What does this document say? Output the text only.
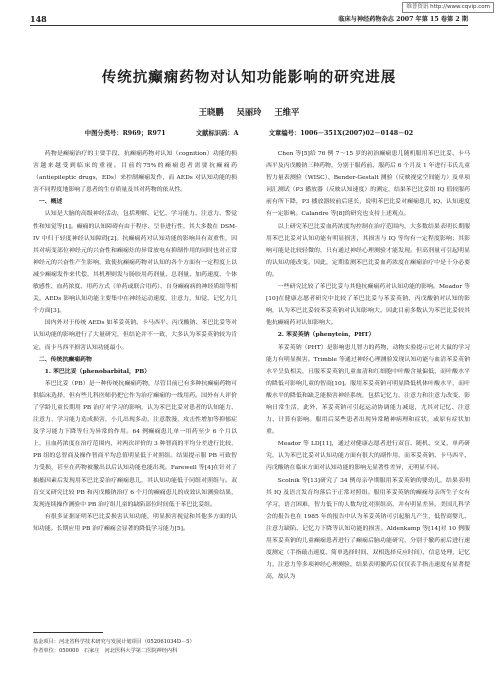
维普资讯 http://www.cqvip.com
148	临床与神经药物杂志 2007 年第 15 卷第 2 期
传统抗癫痫药物对认知功能影响的研究进展
王晓鹏 吴丽玲 王维平
中图分类号：R969；R971	文献标识码：A	文章编号：1006－351X(2007)02－0148－02

药物是癫痫治疗的主要手段，抗癫痫药物对认知（cognition）功能的损害越来越受到临床的重视。目前约75%的癫痫患者需要抗癫痫药（antiepileptic drugs，EDs）来控制癫痫发作，而 AEDs 对认知功能的损害不同程度地影响了患者的生存质量及其对药物的依从性。

一、概述

认知是大脑的高级神经活动，包括理解、记忆、学习能力、注意力、警觉性和知觉等[1]。癫痫的认知障碍有由于程序、呈非进行性，其大多数在 DSM-IV 中归于轻度神经认知障碍[2]。抗癫痫药对认知功能的影响具有双重性，因其对病变部位神经元的兴奋性和癫痫灶的异常放电有抑制作用的同时也对正常神经元的兴奋性产生影响，致使抗癫痫药物对认知的各个方面有一定程度上以减少癫痫发作来代偿，其机理则发与肠胶用药剂量、总剂量、加药速度、个体敏感性、血药浓度、用药方式（单药或联合用药）、自身癫痫病的神经质组等相关。AEDs 影响认知功能主要集中在神经运动速度，注意力，知觉，记忆力几个方面[3]。

国内外对于传统 AEDs 如苯妥英钠、卡马西平、丙戊酸钠、苯巴比妥等对认知功能的影响进行了大量研究，但结论并不一致，大多认为苯妥英钠较为肯定，而卡马西平损害认知功能最小。

二、传统抗癫痫药物

1. 苯巴比妥（phenobarbital，PB）

苯巴比妥（PB）是一种传统抗癫痫药物，尽管目前已有多种抗癫痫药物可供临床选择，但有些儿科医师仍把它作为治疗癫痫的一线用药。国外有人评价了学龄儿童长期用 PB 治疗对学习的影响，认为苯巴比妥对患者的认知能力、注意力、学习能力造成损害，小儿出现多动，注意散漫，攻击性增加等抑郁症及学习能力下降等行为异常的作用。64 例癫痫患儿单一用药至少 6 个月以上，且血药浓度在治疗范围内，对两次评价的 3 种智商的平均分差进行比较，PB 组的总智商及操作智商平均总值明显低于对照组。结果提示服 PB 可致智力受损，甚至在药物被撤出以后认知功能也能出现。Farewell 等[4]在针对了抽搐因素后发现用苯巴比妥治疗癫痫患儿，其认知功能低于同组对照组与。双盲交叉研究比较 PB 和丙戊酸钠治疗 6 个月的癫痫患儿的成效认知测验结果，发现连续操作测验中 PB 治疗组儿童的缺陷部位时间低于苯巴比妥组。

有很多证据证明苯巴比妥损害认知功能，明显损害视觉和其他多方面的认知功能。长期应用 PB 治疗癫痫会显著的降低学习能力[5]。

Chen 等[5]给 76 例 7～15 岁的初治癫痫患儿随机服用苯巴比妥、卡马西平及丙戊酸钠三种药物，分别于服药前、服药后 6 个月及 1 年进行韦氏儿童智力量表测验（WISC）、Bender-Gestalt 测验（反映视觉空间能力）及单项词汇测试（P3 播放器（反映认知速度）的测定，结果苯巴比妥组 IQ 值较服药前有所下降，P3 播放器较前后延长，说明苯巴比妥对癫痫患儿 IQ、认知速度有一定影响。Calandre 等[8]的研究也支持上述观点。

以上研究苯巴比妥血药浓度均控制在治疗范围内，大多数结果表明长期服用苯巴比妥对认知功能有明显损害，其损害与 IQ 等均有一定程度影响；其影响可能是比较轻微的，只有通过神经心理测验才能发现。但高剂量可引起明显的认知功能改变。因此，定期监测苯巴比妥血药浓度在癫痫治疗中是十分必要的。

一些研究比较了苯巴比妥与其他抗癫痫药对认知功能的影响。Meador 等[10]在健康志愿者研究中比较了苯巴比妥与苯妥英钠、丙戊酸钠对认知的影响，认为苯巴比妥较苯妥英钠对认知影响大。因此目前多数认为苯巴比妥较其他抗癫痫药对认知影响大。

2. 苯妥英钠（phenytein，PHT）

苯妥英钠（PHT）是影响患儿智力的药物，动物实验提示它对大鼠的学习能力有明显损害。Trimble 等通过神经心理测验发现认知功能与血清苯妥英钠水平呈负相关，且服苯妥英钠儿童血清和红细胞中叶酸含量偏低，而叶酸水平的降低可影响儿童的智商[10]。服用苯妥英钠可明显降低机体叶酸水平，而叶酸水平的降低和缺乏能损害神经系统，包括记忆力，注意力和注意力改变，影响日常生活，此外，苯妥英钠可引起运动协调能力减退，尤其对记忆、注意力、计算有影响。服用后某些患者出现异常精神病理和症状，或原有症状加重。

Meador 等 LD[11]，通过对健康志愿者进行双盲、随机、交叉、单药研究，认为苯巴比妥对认知功能方面有很大的副作用，而苯妥英钠、卡马西平、丙戊酸钠在临床方面对认知功能的影响无显著性差异，无明显不同。

Scolnik 等[13]研究了 34 例母亲孕期服用苯妥英钠的婴幼儿，结果表明其 IQ 及语言发育均落后于正常对照组。服用苯妥英钠的癫痫母亲所生子女有学习、语言困难，智力低下的人数均比对照组高，并有明显差异。美国儿科学会的报告也在 1985 年的报告中认为苯妥英钠可引起胎儿产生，低智商婴儿、注意力缺陷、记忆力下降等认知功能的损害。Aldenkamp 等[14]对 10 例服用苯妥英钠的儿童癫痫患者进行了癫痫后脑功能研究，分别于撤药前后进行速度测定（手指敲击速度、简单选择时间、双相选择反应时间），信息处理，记忆力，注意力等多项神经心理测验，结果表明撤药后仅仅表手指击速度有显著提高，故认为

基金项目：河北省科学技术研究与发展计划项目（052061034D－5）
作者单位：050000　石家庄　河北医科大学第二医院神经内科
